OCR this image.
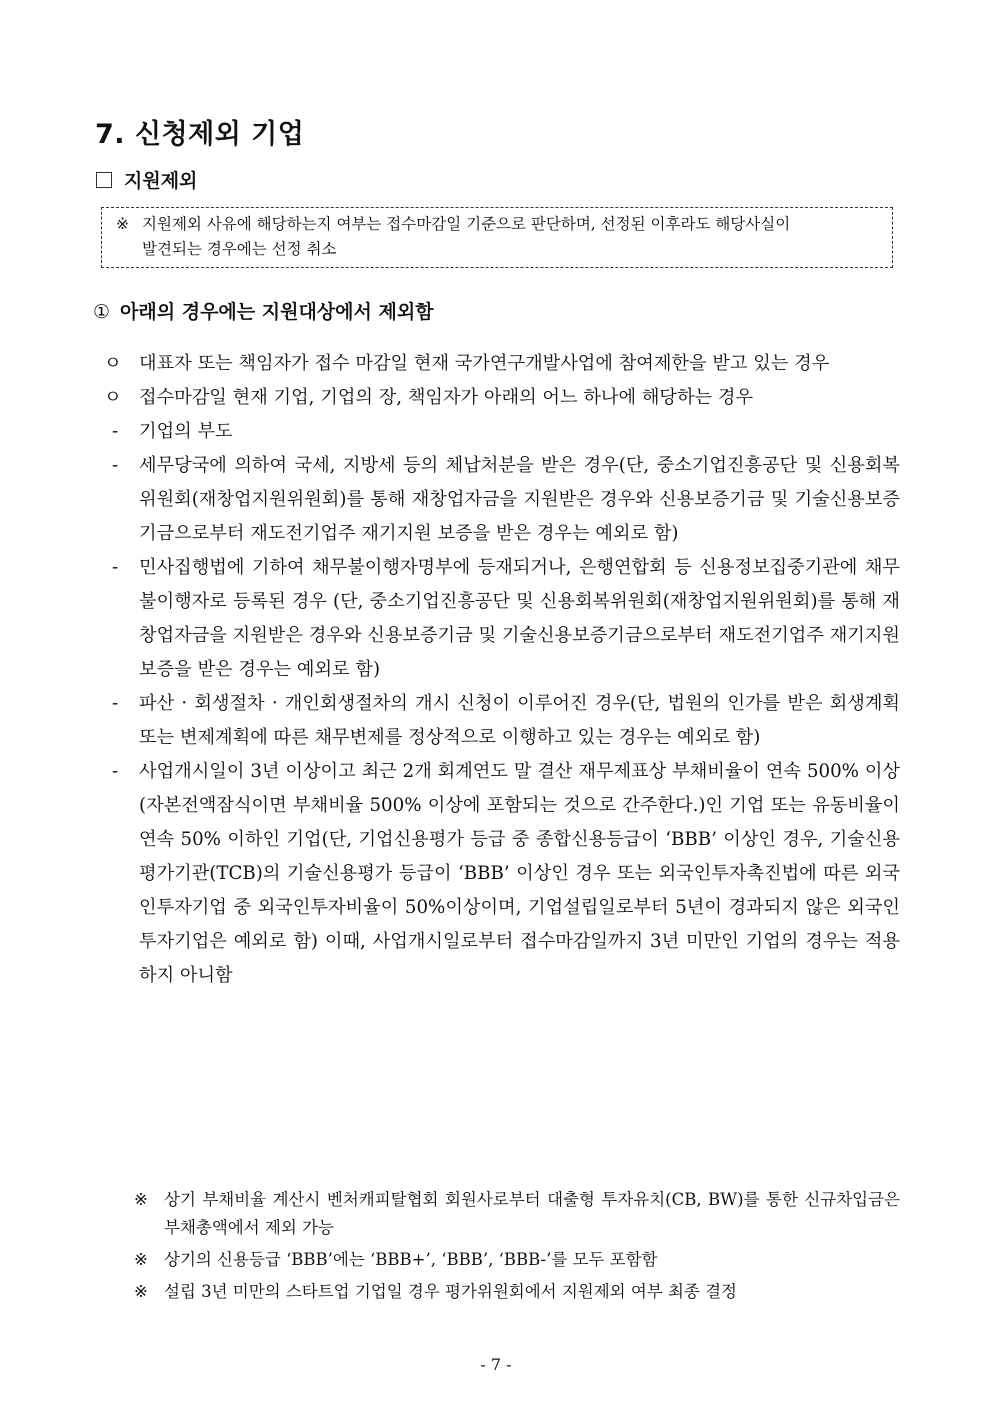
7. 신청제외 기업
지원제외
※ 지원제외 사유에 해당하는지 여부는 접수마감일 기준으로 판단하며, 선정된 이후라도 해당사실이
발견되는 경우에는 선정 취소
① 아래의 경우에는 지원대상에서 제외함
ㅇ 대표자 또는 책임자가 접수 마감일 현재 국가연구개발사업에 참여제한을 받고 있는 경우
ㅇ 접수마감일 현재 기업, 기업의 장, 책임자가 아래의 어느 하나에 해당하는 경우
-	기업의 부도
-	세무당국에 의하여 국세, 지방세 등의 체납처분을 받은 경우(단, 중소기업진흥공단 및 신용회복위원회(재창업지원위원회)를 통해 재창업자금을 지원받은 경우와 신용보증기금 및 기술신용보증기금으로부터 재도전기업주 재기지원 보증을 받은 경우는 예외로 함)
-	민사집행법에 기하여 채무불이행자명부에 등재되거나, 은행연합회 등 신용정보집중기관에 채무불이행자로 등록된 경우 (단, 중소기업진흥공단 및 신용회복위원회(재창업지원위원회)를 통해 재창업자금을 지원받은 경우와 신용보증기금 및 기술신용보증기금으로부터 재도전기업주 재기지원보증을 받은 경우는 예외로 함)
-	파산 · 회생절차 · 개인회생절차의 개시 신청이 이루어진 경우(단, 법원의 인가를 받은 회생계획 또는 변제계획에 따른 채무변제를 정상적으로 이행하고 있는 경우는 예외로 함)
-	사업개시일이 3년 이상이고 최근 2개 회계연도 말 결산 재무제표상 부채비율이 연속 500% 이상(자본전액잠식이면 부채비율 500% 이상에 포함되는 것으로 간주한다.)인 기업 또는 유동비율이 연속 50% 이하인 기업(단, 기업신용평가 등급 중 종합신용등급이 ‘BBB’ 이상인 경우, 기술신용평가기관(TCB)의 기술신용평가 등급이 ‘BBB’ 이상인 경우 또는 외국인투자촉진법에 따른 외국인투자기업 중 외국인투자비율이 50%이상이며, 기업설립일로부터 5년이 경과되지 않은 외국인투자기업은 예외로 함) 이때, 사업개시일로부터 접수마감일까지 3년 미만인 기업의 경우는 적용하지 아니함
※ 상기 부채비율 계산시 벤처캐피탈협회 회원사로부터 대출형 투자유치(CB, BW)를 통한 신규차입금은 부채총액에서 제외 가능
※ 상기의 신용등급 ‘BBB’에는 ‘BBB+’, ‘BBB’, ‘BBB-’를 모두 포함함
※ 설립 3년 미만의 스타트업 기업일 경우 평가위원회에서 지원제외 여부 최종 결정
- 7 -
